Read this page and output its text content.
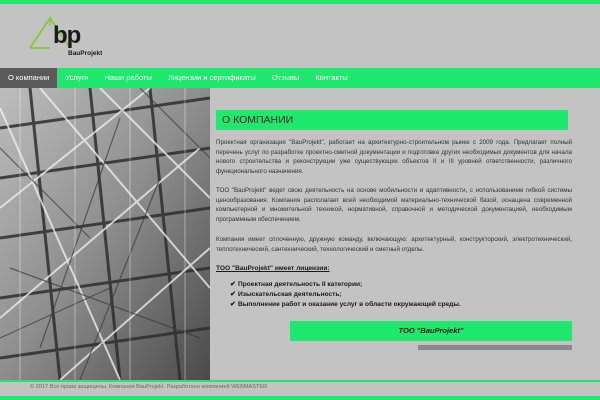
bp
BauProjekt
О компании	Услуги	Наши работы	Лицензии и сертификаты	Отзывы	Контакты
О КОМПАНИИ
Проектная организация "BauProjekt", работает на архитектурно-строительном рынке с 2009 года. Предлагает полный перечень услуг по разработке проектно-сметной документации и подготовке других необходимых документов для начала нового строительства и реконструкции уже существующих объектов II и III уровней ответственности, различного функционального назначения.
ТОО "BauProjekt" ведет свою деятельность на основе мобильности и адаптивности, с использованием гибкой системы ценообразования. Компания располагает всей необходимой материально-технической базой, оснащена современной компьютерной и множительной техникой, нормативной, справочной и методической документацией, необходимым программным обеспечением.
Компания имеет сплоченную, дружную команду, включающую: архитектурный, конструкторский, электротехнический, теплотехнический, сантехнический, технологический и сметный отделы.
ТОО "BauProjekt" имеет лицензии:
✔ Проектная деятельность II категории;
✔ Изыскательская деятельность;
✔ Выполнение работ и оказание услуг в области окружающей среды.
ТОО "BauProjekt"
© 2017 Все права защищены, Компания BauProjekt. Разработано компанией WEBMASTER
